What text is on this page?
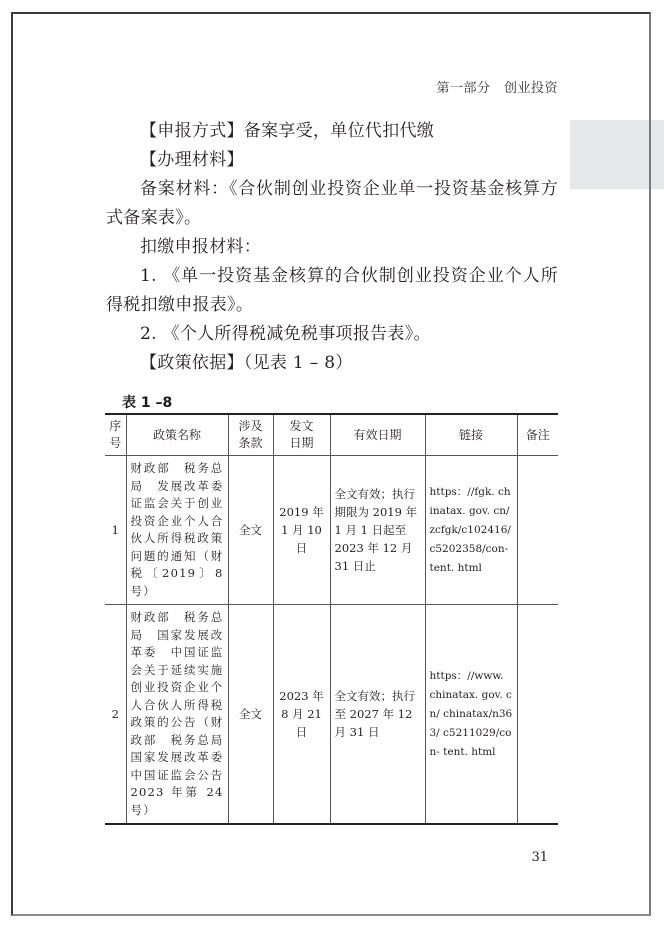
第一部分　创业投资

【申报方式】备案享受，单位代扣代缴

【办理材料】

备案材料：《合伙制创业投资企业单一投资基金核算方式备案表》。

扣缴申报材料：

1. 《单一投资基金核算的合伙制创业投资企业个人所得税扣缴申报表》。

2. 《个人所得税减免税事项报告表》。

【政策依据】（见表 1 – 8）

表 1 –8
序号	政策名称	涉及条款	发文日期	有效日期	链接	备注
1	财政部　税务总局　发展改革委　证监会关于创业投资企业个人合伙人所得税政策问题的通知（财税〔2019〕8号）	全文	2019 年 1 月 10 日	全文有效；执行期限为 2019 年 1 月 1 日起至 2023 年 12 月 31 日止	https：//fgk. chinatax. gov. cn/ zcfgk/c102416/ c5202358/con- tent. html	
2	财政部　税务总局　国家发展改革委　中国证监会关于延续实施创业投资企业个人合伙人所得税政策的公告（财政部　税务总局　国家发展改革委　中国证监会公告 2023 年第 24 号）	全文	2023 年 8 月 21 日	全文有效；执行至 2027 年 12 月 31 日	https：//www. chinatax. gov. cn/ chinatax/n363/ c5211029/con- tent. html	
31
